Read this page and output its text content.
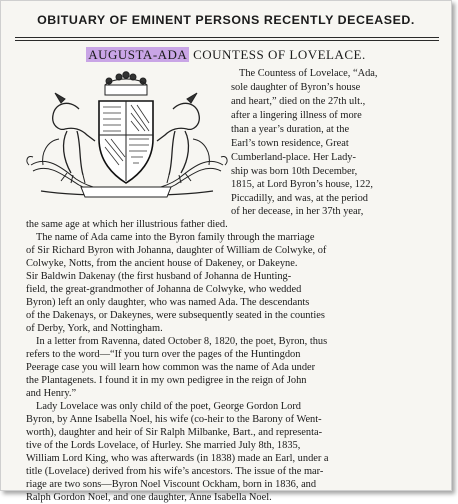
OBITUARY OF EMINENT PERSONS RECENTLY DECEASED.
AUGUSTA-ADA COUNTESS OF LOVELACE.
The Countess of Lovelace, “Ada,
sole daughter of Byron’s house
and heart,” died on the 27th ult.,
after a lingering illness of more
than a year’s duration, at the
Earl’s town residence, Great
Cumberland-place. Her Lady-
ship was born 10th December,
1815, at Lord Byron’s house, 122,
Piccadilly, and was, at the period
of her decease, in her 37th year,
the same age at which her illustrious father died.
The name of Ada came into the Byron family through the marriage
of Sir Richard Byron with Johanna, daughter of William de Colwyke, of
Colwyke, Notts, from the ancient house of Dakeney, or Dakeyne.
Sir Baldwin Dakenay (the first husband of Johanna de Hunting-
field, the great-grandmother of Johanna de Colwyke, who wedded
Byron) left an only daughter, who was named Ada. The descendants
of the Dakenays, or Dakeynes, were subsequently seated in the counties
of Derby, York, and Nottingham.
In a letter from Ravenna, dated October 8, 1820, the poet, Byron, thus
refers to the word—“If you turn over the pages of the Huntingdon
Peerage case you will learn how common was the name of Ada under
the Plantagenets. I found it in my own pedigree in the reign of John
and Henry.”
Lady Lovelace was only child of the poet, George Gordon Lord
Byron, by Anne Isabella Noel, his wife (co-heir to the Barony of Went-
worth), daughter and heir of Sir Ralph Milbanke, Bart., and representa-
tive of the Lords Lovelace, of Hurley. She married July 8th, 1835,
William Lord King, who was afterwards (in 1838) made an Earl, under a
title (Lovelace) derived from his wife’s ancestors. The issue of the mar-
riage are two sons—Byron Noel Viscount Ockham, born in 1836, and
Ralph Gordon Noel, and one daughter, Anne Isabella Noel.
